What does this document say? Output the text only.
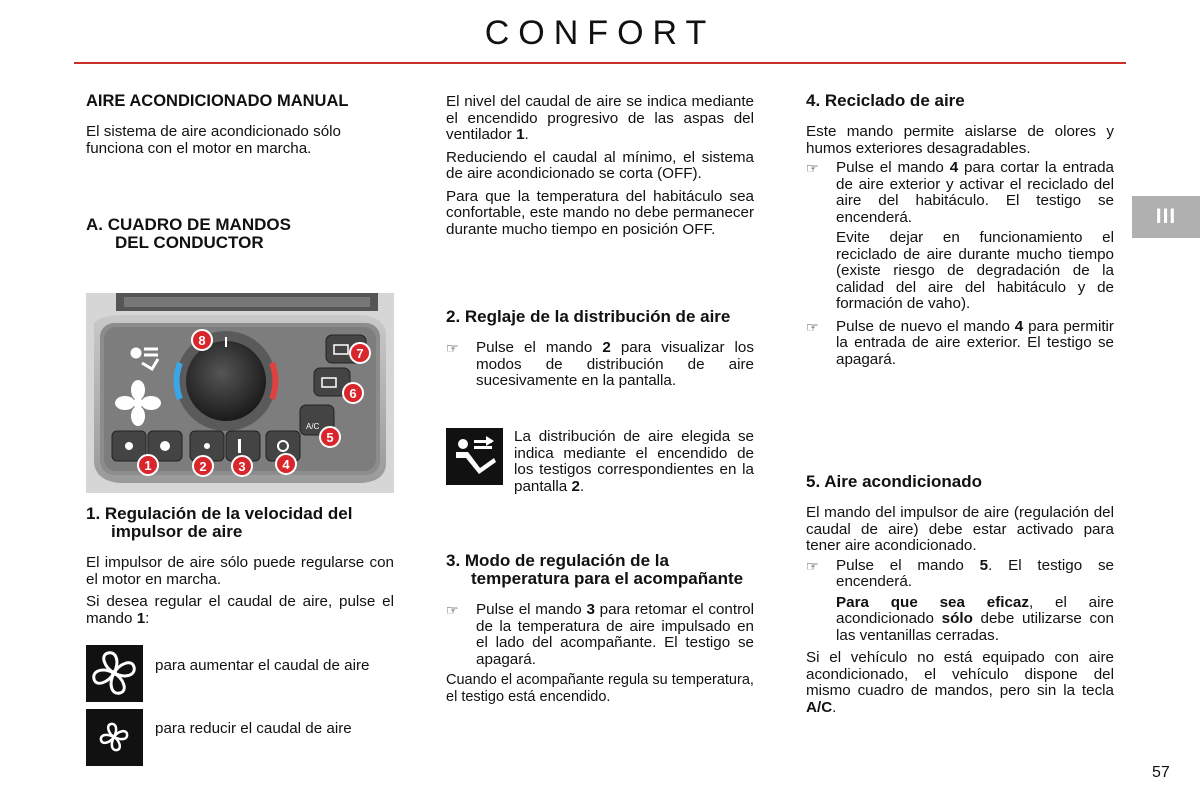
CONFORT
III
AIRE ACONDICIONADO MANUAL

El sistema de aire acondicionado sólo funciona con el motor en marcha.

A. CUADRO DE MANDOS
DEL CONDUCTOR
A/C
8
7
6
5
4
3
2
1
1. Regulación de la velocidad del impulsor de aire

El impulsor de aire sólo puede regularse con el motor en marcha.

Si desea regular el caudal de aire, pulse el mando 1:

para aumentar el caudal de aire
para reducir el caudal de aire

El nivel del caudal de aire se indica mediante el encendido progresivo de las aspas del ventilador 1.

Reduciendo el caudal al mínimo, el sistema de aire acondicionado se corta (OFF).

Para que la temperatura del habitáculo sea confortable, este mando no debe permanecer durante mucho tiempo en posición OFF.

2. Reglaje de la distribución de aire
☞	Pulse el mando 2 para visualizar los modos de distribución de aire sucesivamente en la pantalla.
La distribución de aire elegida se indica mediante el encendido de los testigos correspondientes en la pantalla 2.
3. Modo de regulación de la temperatura para el acompañante
☞	Pulse el mando 3 para retomar el control de la temperatura de aire impulsado en el lado del acompañante. El testigo se apagará.

Cuando el acompañante regula su temperatura, el testigo está encendido.

4. Reciclado de aire

Este mando permite aislarse de olores y humos exteriores desagradables.

☞	Pulse el mando 4 para cortar la entrada de aire exterior y activar el reciclado del aire del habitáculo. El testigo se encenderá.

Evite dejar en funcionamiento el reciclado de aire durante mucho tiempo (existe riesgo de degradación de la calidad del aire del habitáculo y de formación de vaho).

☞	Pulse de nuevo el mando 4 para permitir la entrada de aire exterior. El testigo se apagará.
5. Aire acondicionado

El mando del impulsor de aire (regulación del caudal de aire) debe estar activado para tener aire acondicionado.

☞	Pulse el mando 5. El testigo se encenderá.

Para que sea eficaz, el aire acondicionado sólo debe utilizarse con las ventanillas cerradas.

Si el vehículo no está equipado con aire acondicionado, el vehículo dispone del mismo cuadro de mandos, pero sin la tecla A/C.

57
